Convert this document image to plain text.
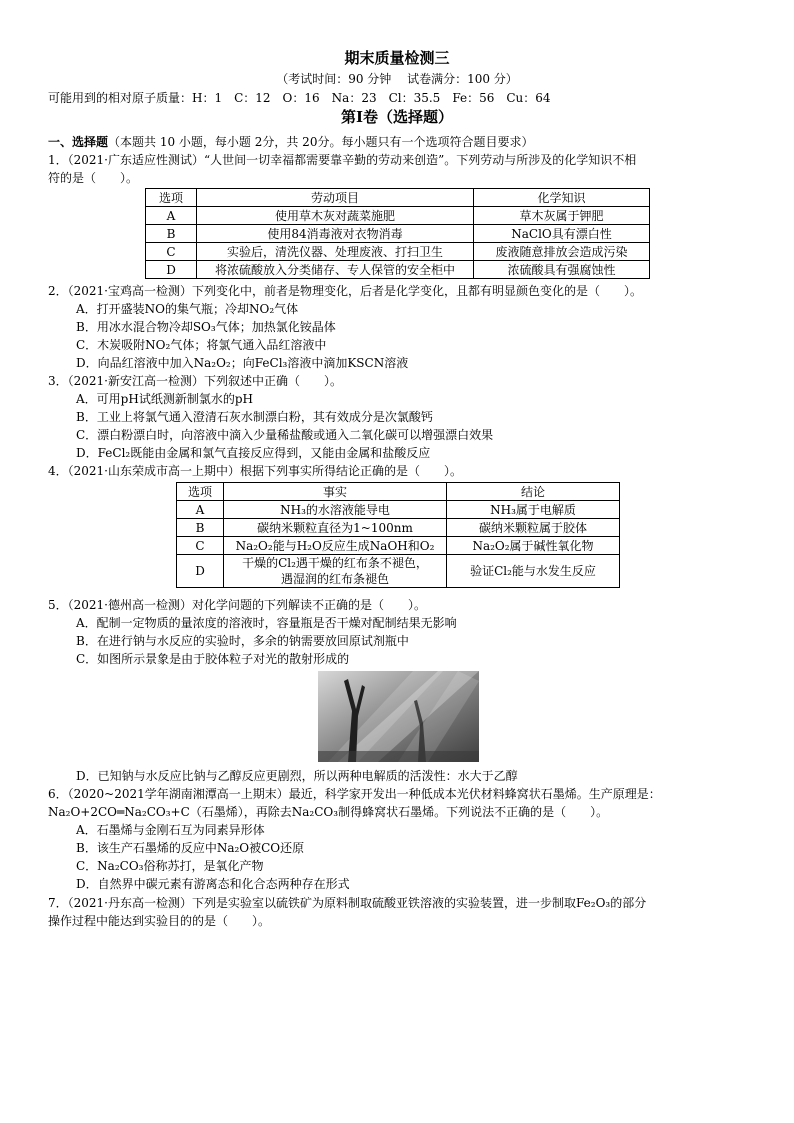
期末质量检测三
（考试时间：90 分钟　 试卷满分：100 分）
可能用到的相对原子质量：H：1　C：12　O：16　Na：23　Cl：35.5　Fe：56　Cu：64
第Ⅰ卷（选择题）
一、选择题（本题共 10 小题，每小题 2分，共 20分。每小题只有一个选项符合题目要求）
1．（2021·广东适应性测试）“人世间一切幸福都需要靠辛勤的劳动来创造”。下列劳动与所涉及的化学知识不相
符的是（　　）。
选项	劳动项目	化学知识
A	使用草木灰对蔬菜施肥	草木灰属于钾肥
B	使用84消毒液对衣物消毒	NaClO具有漂白性
C	实验后，清洗仪器、处理废液、打扫卫生	废液随意排放会造成污染
D	将浓硫酸放入分类储存、专人保管的安全柜中	浓硫酸具有强腐蚀性
2．（2021·宝鸡高一检测）下列变化中，前者是物理变化，后者是化学变化，且都有明显颜色变化的是（　　）。
A．打开盛装NO的集气瓶；冷却NO₂气体
B．用冰水混合物冷却SO₃气体；加热氯化铵晶体
C．木炭吸附NO₂气体；将氯气通入品红溶液中
D．向品红溶液中加入Na₂O₂；向FeCl₃溶液中滴加KSCN溶液
3．（2021·新安江高一检测）下列叙述中正确（　　）。
A．可用pH试纸测新制氯水的pH
B．工业上将氯气通入澄清石灰水制漂白粉，其有效成分是次氯酸钙
C．漂白粉漂白时，向溶液中滴入少量稀盐酸或通入二氧化碳可以增强漂白效果
D．FeCl₂既能由金属和氯气直接反应得到，又能由金属和盐酸反应
4．（2021·山东荣成市高一上期中）根据下列事实所得结论正确的是（　　）。
选项	事实	结论
A	NH₃的水溶液能导电	NH₃属于电解质
B	碳纳米颗粒直径为1~100nm	碳纳米颗粒属于胶体
C	Na₂O₂能与H₂O反应生成NaOH和O₂	Na₂O₂属于碱性氧化物
D	干燥的Cl₂遇干燥的红布条不褪色，
遇湿润的红布条褪色	验证Cl₂能与水发生反应
5．（2021·德州高一检测）对化学问题的下列解读不正确的是（　　）。
A．配制一定物质的量浓度的溶液时，容量瓶是否干燥对配制结果无影响
B．在进行钠与水反应的实验时，多余的钠需要放回原试剂瓶中
C．如图所示景象是由于胶体粒子对光的散射形成的
D．已知钠与水反应比钠与乙醇反应更剧烈，所以两种电解质的活泼性：水大于乙醇
6．（2020~2021学年湖南湘潭高一上期末）最近，科学家开发出一种低成本光伏材料蜂窝状石墨烯。生产原理是：
Na₂O+2CO═Na₂CO₃+C（石墨烯），再除去Na₂CO₃制得蜂窝状石墨烯。下列说法不正确的是（　　）。
A．石墨烯与金刚石互为同素异形体
B．该生产石墨烯的反应中Na₂O被CO还原
C．Na₂CO₃俗称苏打，是氧化产物
D．自然界中碳元素有游离态和化合态两种存在形式
7．（2021·丹东高一检测）下列是实验室以硫铁矿为原料制取硫酸亚铁溶液的实验装置，进一步制取Fe₂O₃的部分
操作过程中能达到实验目的的是（　　）。
